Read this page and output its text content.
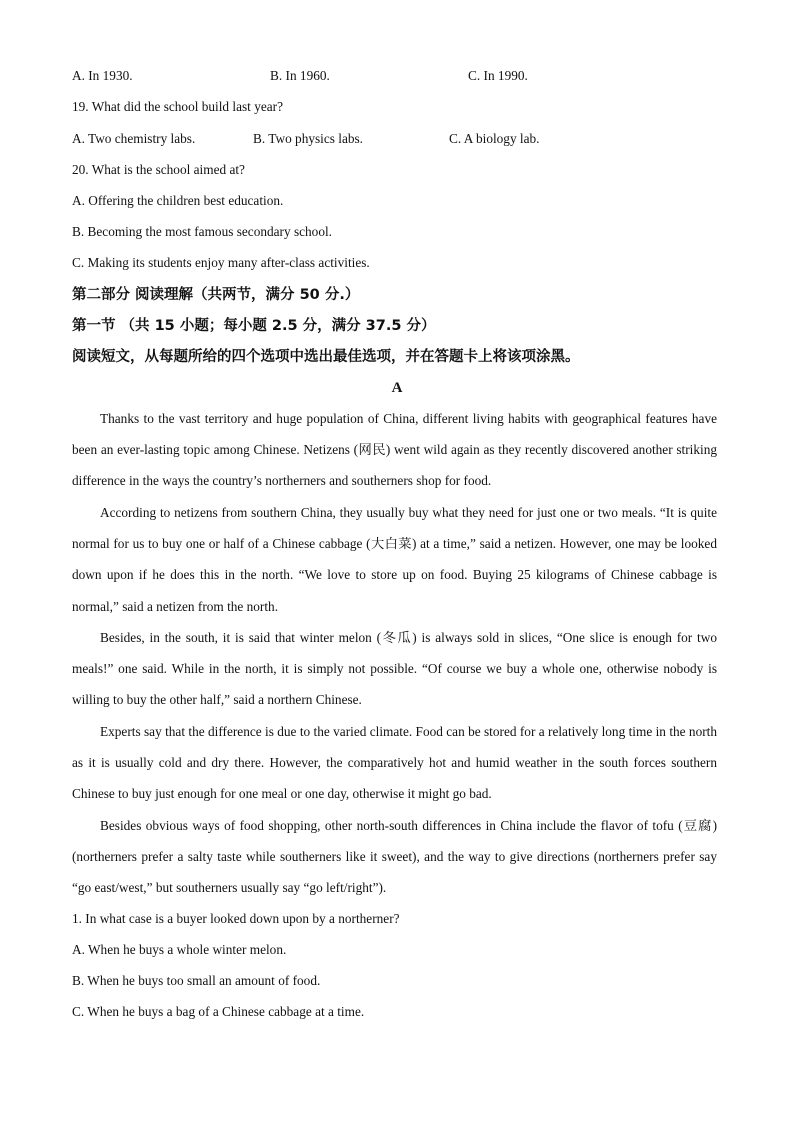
A. In 1930.	B. In 1960.	C. In 1990.
19. What did the school build last year?
A. Two chemistry labs.	B. Two physics labs.	C. A biology lab.
20. What is the school aimed at?
A. Offering the children best education.
B. Becoming the most famous secondary school.
C. Making its students enjoy many after-class activities.
第二部分 阅读理解（共两节，满分 50 分.）
第一节 （共 15 小题；每小题 2.5 分，满分 37.5 分）
阅读短文，从每题所给的四个选项中选出最佳选项，并在答题卡上将该项涂黑。
A
Thanks to the vast territory and huge population of China, different living habits with geographical features have been an ever-lasting topic among Chinese. Netizens (网民) went wild again as they recently discovered another striking difference in the ways the country’s northerners and southerners shop for food.
According to netizens from southern China, they usually buy what they need for just one or two meals. “It is quite normal for us to buy one or half of a Chinese cabbage (大白菜) at a time,” said a netizen. However, one may be looked down upon if he does this in the north. “We love to store up on food. Buying 25 kilograms of Chinese cabbage is normal,” said a netizen from the north.
Besides, in the south, it is said that winter melon (冬瓜) is always sold in slices, “One slice is enough for two meals!” one said. While in the north, it is simply not possible. “Of course we buy a whole one, otherwise nobody is willing to buy the other half,” said a northern Chinese.
Experts say that the difference is due to the varied climate. Food can be stored for a relatively long time in the north as it is usually cold and dry there. However, the comparatively hot and humid weather in the south forces southern Chinese to buy just enough for one meal or one day, otherwise it might go bad.
Besides obvious ways of food shopping, other north-south differences in China include the flavor of tofu (豆腐) (northerners prefer a salty taste while southerners like it sweet), and the way to give directions (northerners prefer say “go east/west,” but southerners usually say “go left/right”).
1. In what case is a buyer looked down upon by a northerner?
A. When he buys a whole winter melon.
B. When he buys too small an amount of food.
C. When he buys a bag of a Chinese cabbage at a time.
